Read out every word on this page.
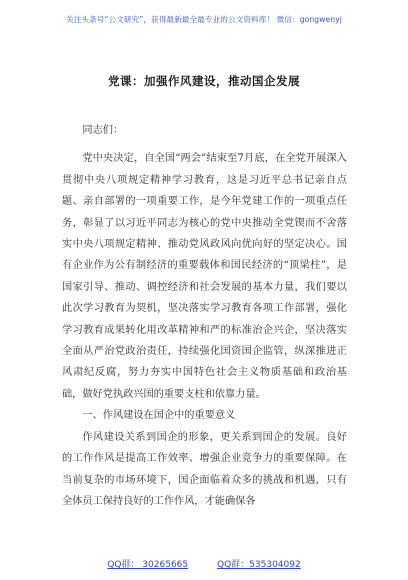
关注头条号“公文研究”，获得最新最全最专业的公文资料库！ 微信：gongwenyj
党课：加强作风建设，推动国企发展

同志们：

党中央决定，自全国“两会”结束至7月底，在全党开展深入贯彻中央八项规定精神学习教育，这是习近平总书记亲自点题、亲自部署的一项重要工作，是今年党建工作的一项重点任务，彰显了以习近平同志为核心的党中央推动全党锲而不舍落实中央八项规定精神、推动党风政风向优向好的坚定决心。国有企业作为公有制经济的重要载体和国民经济的“顶梁柱”，是国家引导、推动、调控经济和社会发展的基本力量，我们要以此次学习教育为契机，坚决落实学习教育各项工作部署，强化学习教育成果转化用改革精神和严的标准治企兴企，坚决落实全面从严治党政治责任，持续强化国资国企监管，纵深推进正风肃纪反腐，努力夯实中国特色社会主义物质基础和政治基础，做好党执政兴国的重要支柱和依靠力量。

一、作风建设在国企中的重要意义

作风建设关系到国企的形象，更关系到国企的发展。良好的工作作风是提高工作效率、增强企业竞争力的重要保障。在当前复杂的市场环境下，国企面临着众多的挑战和机遇，只有全体员工保持良好的工作作风，才能确保各

QQ群： 30265665	QQ群：535304092
